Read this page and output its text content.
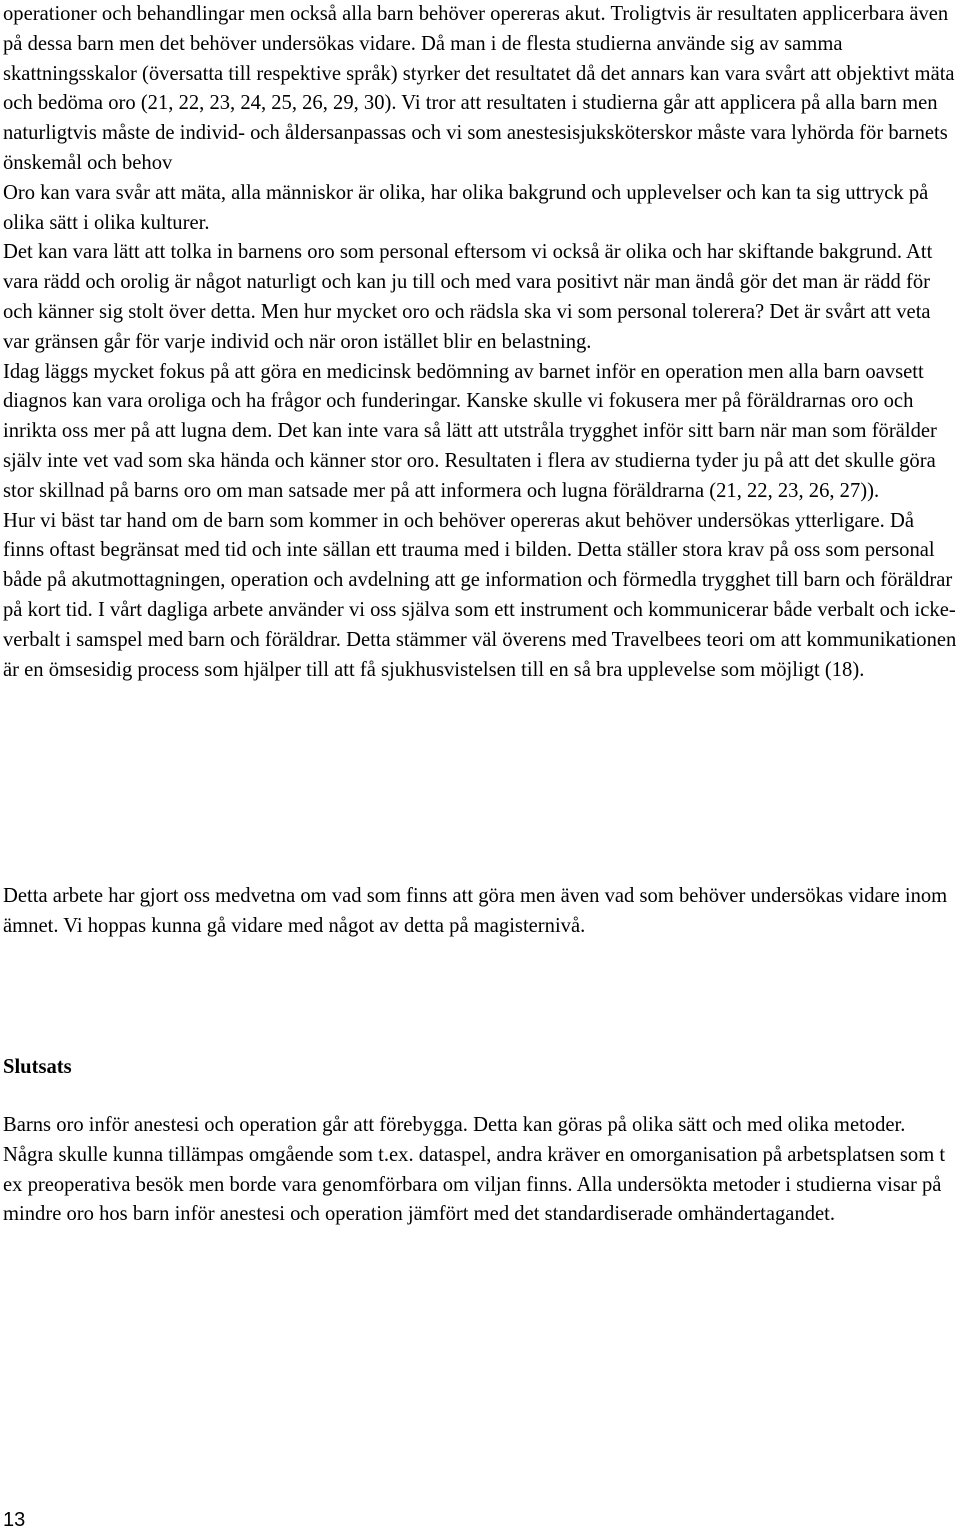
operationer och behandlingar men också alla barn behöver opereras akut. Troligtvis är resultaten applicerbara även på dessa barn men det behöver undersökas vidare. Då man i de flesta studierna använde sig av samma skattningsskalor (översatta till respektive språk) styrker det resultatet då det annars kan vara svårt att objektivt mäta och bedöma oro (21, 22, 23, 24, 25, 26, 29, 30). Vi tror att resultaten i studierna går att applicera på alla barn men naturligtvis måste de individ- och åldersanpassas och vi som anestesisjuksköterskor måste vara lyhörda för barnets önskemål och behov

Oro kan vara svår att mäta, alla människor är olika, har olika bakgrund och upplevelser och kan ta sig uttryck på olika sätt i olika kulturer.

Det kan vara lätt att tolka in barnens oro som personal eftersom vi också är olika och har skiftande bakgrund. Att vara rädd och orolig är något naturligt och kan ju till och med vara positivt när man ändå gör det man är rädd för och känner sig stolt över detta. Men hur mycket oro och rädsla ska vi som personal tolerera? Det är svårt att veta var gränsen går för varje individ och när oron istället blir en belastning.

Idag läggs mycket fokus på att göra en medicinsk bedömning av barnet inför en operation men alla barn oavsett diagnos kan vara oroliga och ha frågor och funderingar. Kanske skulle vi fokusera mer på föräldrarnas oro och inrikta oss mer på att lugna dem. Det kan inte vara så lätt att utstråla trygghet inför sitt barn när man som förälder själv inte vet vad som ska hända och känner stor oro. Resultaten i flera av studierna tyder ju på att det skulle göra stor skillnad på barns oro om man satsade mer på att informera och lugna föräldrarna (21, 22, 23, 26, 27)).

Hur vi bäst tar hand om de barn som kommer in och behöver opereras akut behöver undersökas ytterligare. Då finns oftast begränsat med tid och inte sällan ett trauma med i bilden. Detta ställer stora krav på oss som personal både på akutmottagningen, operation och avdelning att ge information och förmedla trygghet till barn och föräldrar på kort tid. I vårt dagliga arbete använder vi oss själva som ett instrument och kommunicerar både verbalt och icke-verbalt i samspel med barn och föräldrar. Detta stämmer väl överens med Travelbees teori om att kommunikationen är en ömsesidig process som hjälper till att få sjukhusvistelsen till en så bra upplevelse som möjligt (18).

Detta arbete har gjort oss medvetna om vad som finns att göra men även vad som behöver undersökas vidare inom ämnet. Vi hoppas kunna gå vidare med något av detta på magisternivå.

Slutsats

Barns oro inför anestesi och operation går att förebygga. Detta kan göras på olika sätt och med olika metoder. Några skulle kunna tillämpas omgående som t.ex. dataspel, andra kräver en omorganisation på arbetsplatsen som t ex preoperativa besök men borde vara genomförbara om viljan finns. Alla undersökta metoder i studierna visar på mindre oro hos barn inför anestesi och operation jämfört med det standardiserade omhändertagandet.

13
